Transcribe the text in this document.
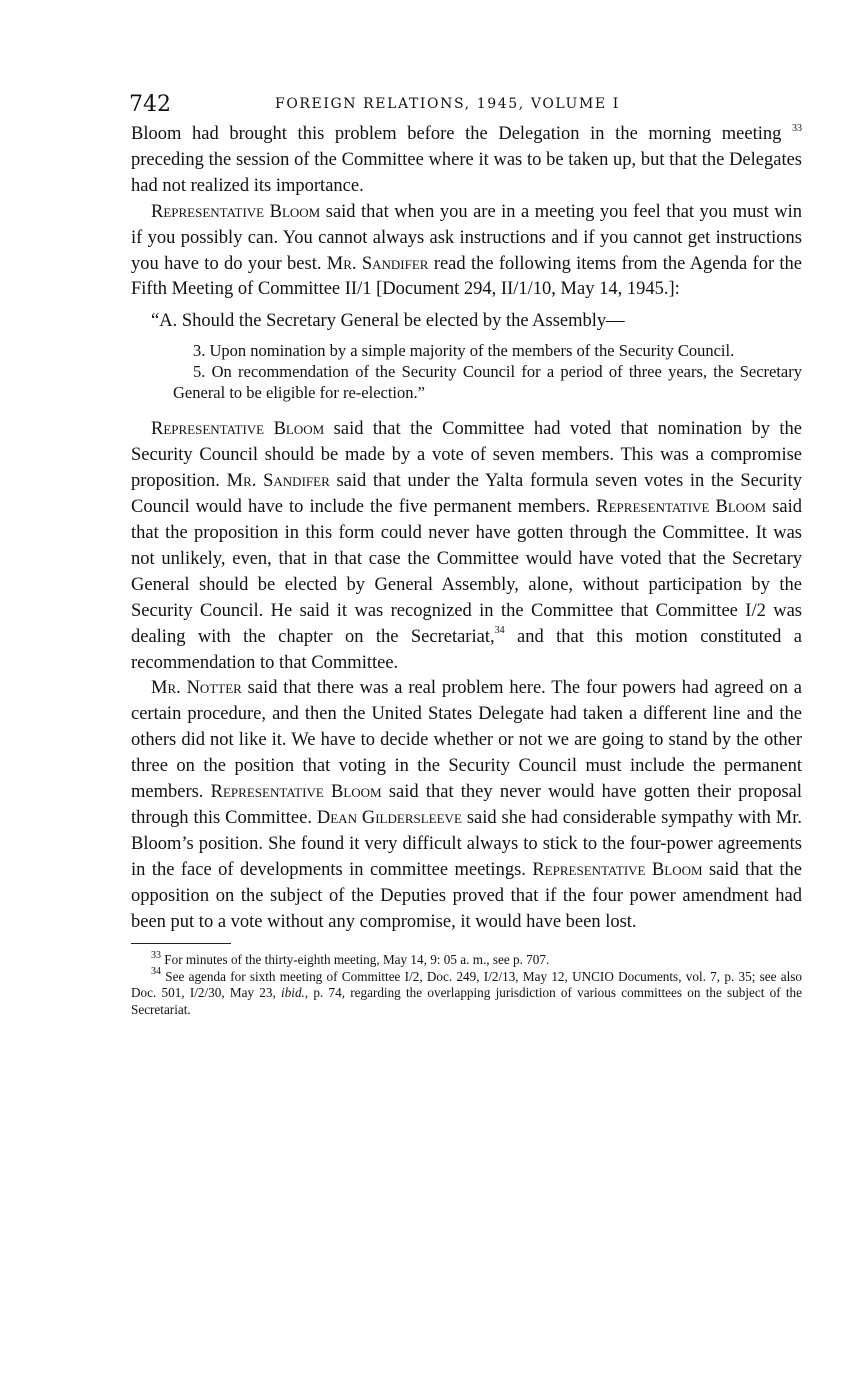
742	FOREIGN RELATIONS, 1945, VOLUME I

Bloom had brought this problem before the Delegation in the morning meeting $^{33}$ preceding the session of the Committee where it was to be taken up, but that the Delegates had not realized its importance.

Representative Bloom said that when you are in a meeting you feel that you must win if you possibly can. You cannot always ask instructions and if you cannot get instructions you have to do your best. Mr. Sandifer read the following items from the Agenda for the Fifth Meeting of Committee II/1 [Document 294, II/1/10, May 14, 1945.]:

“A. Should the Secretary General be elected by the Assembly—

3. Upon nomination by a simple majority of the members of the Security Council.

5. On recommendation of the Security Council for a period of three years, the Secretary General to be eligible for re-election.”

Representative Bloom said that the Committee had voted that nomination by the Security Council should be made by a vote of seven members. This was a compromise proposition. Mr. Sandifer said that under the Yalta formula seven votes in the Security Council would have to include the five permanent members. Representative Bloom said that the proposition in this form could never have gotten through the Committee. It was not unlikely, even, that in that case the Committee would have voted that the Secretary General should be elected by General Assembly, alone, without participation by the Security Council. He said it was recognized in the Committee that Committee I/2 was dealing with the chapter on the Secretariat,$^{34}$ and that this motion constituted a recommendation to that Committee.

Mr. Notter said that there was a real problem here. The four powers had agreed on a certain procedure, and then the United States Delegate had taken a different line and the others did not like it. We have to decide whether or not we are going to stand by the other three on the position that voting in the Security Council must include the permanent members. Representative Bloom said that they never would have gotten their proposal through this Committee. Dean Gildersleeve said she had considerable sympathy with Mr. Bloom’s position. She found it very difficult always to stick to the four-power agreements in the face of developments in committee meetings. Representative Bloom said that the opposition on the subject of the Deputies proved that if the four power amendment had been put to a vote without any compromise, it would have been lost.

$^{33}$ For minutes of the thirty-eighth meeting, May 14, 9: 05 a. m., see p. 707.

$^{34}$ See agenda for sixth meeting of Committee I/2, Doc. 249, I/2/13, May 12, UNCIO Documents, vol. 7, p. 35; see also Doc. 501, I/2/30, May 23, ibid., p. 74, regarding the overlapping jurisdiction of various committees on the subject of the Secretariat.
